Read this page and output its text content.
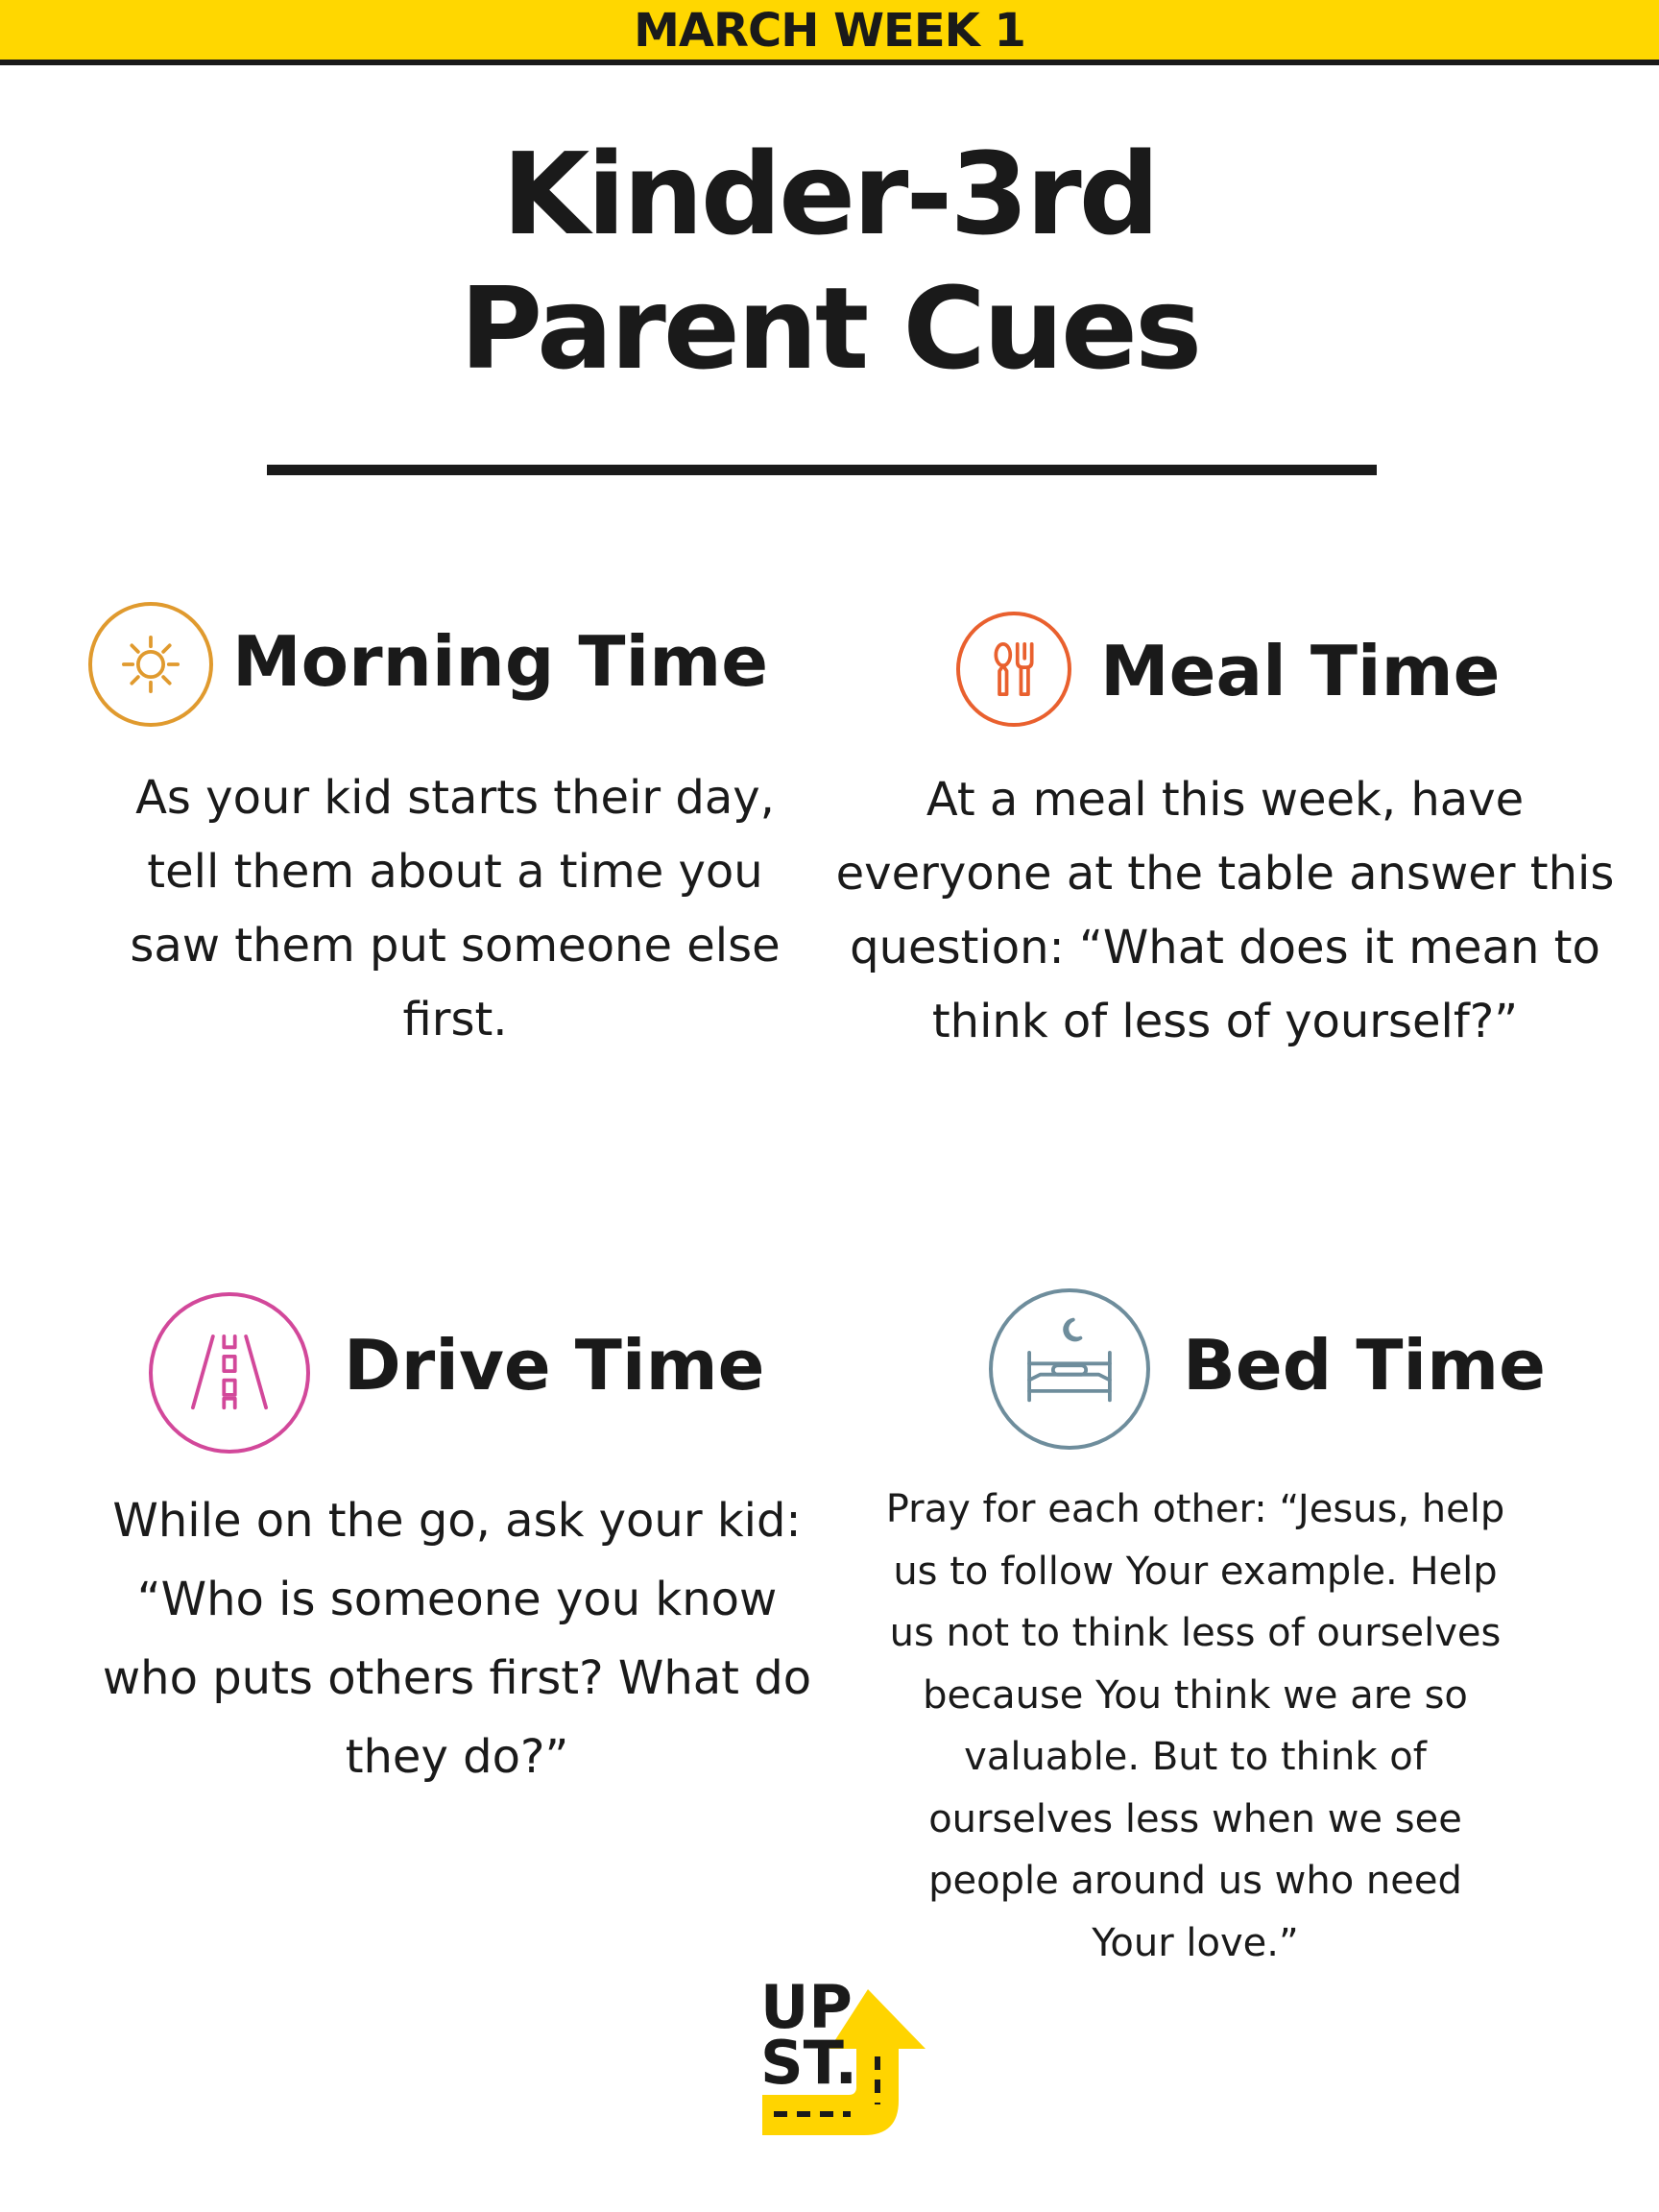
MARCH WEEK 1
Kinder-3rd
Parent Cues
Morning Time
As your kid starts their day, tell them about a time you saw them put someone else first.
Meal Time
At a meal this week, have everyone at the table answer this question: “What does it mean to think of less of yourself?”
Drive Time
While on the go, ask your kid: “Who is someone you know who puts others first? What do they do?”
Bed Time
Pray for each other: “Jesus, help us to follow Your example. Help us not to think less of ourselves because You think we are so valuable. But to think of ourselves less when we see people around us who need Your love.”
UP
ST.
